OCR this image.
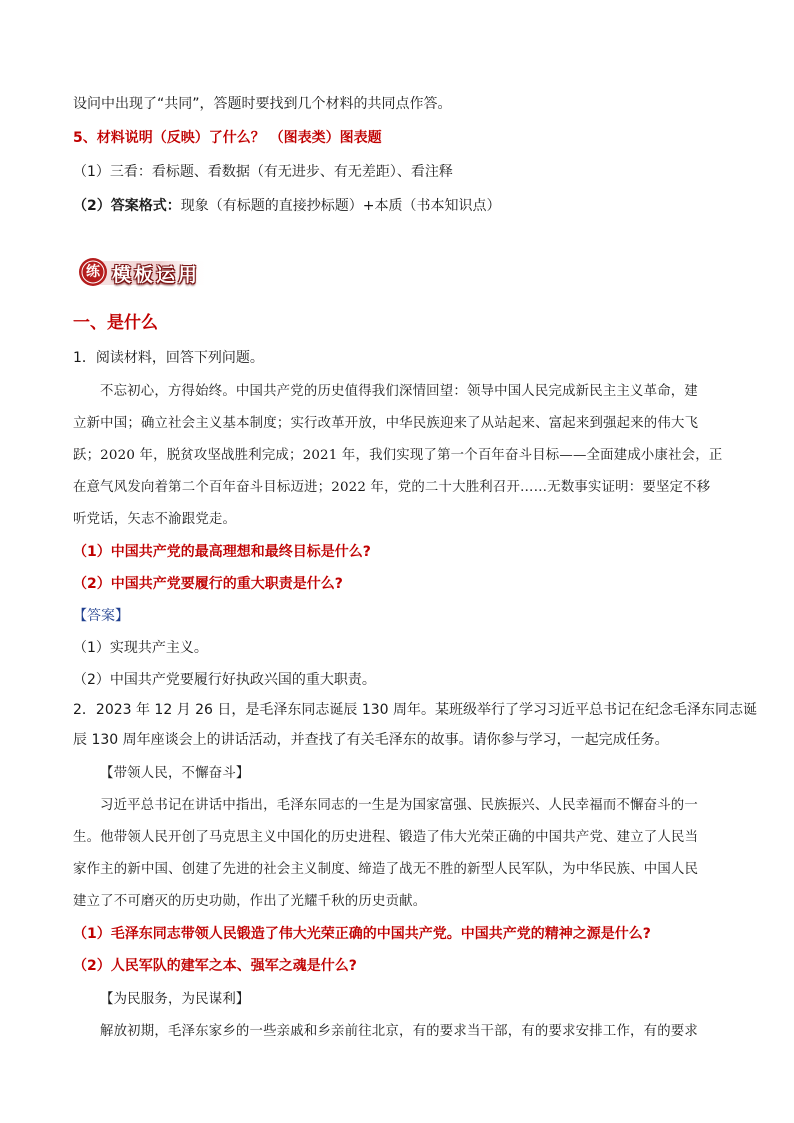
设问中出现了“共同”，答题时要找到几个材料的共同点作答。
5、材料说明（反映）了什么？ （图表类）图表题
（1）三看：看标题、看数据（有无进步、有无差距）、看注释
（2）答案格式：现象（有标题的直接抄标题）+本质（书本知识点）
练 模板运用
一、是什么
1．阅读材料，回答下列问题。
不忘初心，方得始终。中国共产党的历史值得我们深情回望：领导中国人民完成新民主主义革命，建
立新中国；确立社会主义基本制度；实行改革开放，中华民族迎来了从站起来、富起来到强起来的伟大飞
跃；2020 年，脱贫攻坚战胜利完成；2021 年，我们实现了第一个百年奋斗目标——全面建成小康社会，正
在意气风发向着第二个百年奋斗目标迈进；2022 年，党的二十大胜利召开……无数事实证明：要坚定不移
听党话，矢志不渝跟党走。
（1）中国共产党的最高理想和最终目标是什么?
（2）中国共产党要履行的重大职责是什么?
【答案】
（1）实现共产主义。
（2）中国共产党要履行好执政兴国的重大职责。
2．2023 年 12 月 26 日，是毛泽东同志诞辰 130 周年。某班级举行了学习习近平总书记在纪念毛泽东同志诞
辰 130 周年座谈会上的讲话活动，并查找了有关毛泽东的故事。请你参与学习，一起完成任务。
【带领人民，不懈奋斗】
习近平总书记在讲话中指出，毛泽东同志的一生是为国家富强、民族振兴、人民幸福而不懈奋斗的一
生。他带领人民开创了马克思主义中国化的历史进程、锻造了伟大光荣正确的中国共产党、建立了人民当
家作主的新中国、创建了先进的社会主义制度、缔造了战无不胜的新型人民军队，为中华民族、中国人民
建立了不可磨灭的历史功勋，作出了光耀千秋的历史贡献。
（1）毛泽东同志带领人民锻造了伟大光荣正确的中国共产党。中国共产党的精神之源是什么?
（2）人民军队的建军之本、强军之魂是什么?
【为民服务，为民谋利】
解放初期，毛泽东家乡的一些亲戚和乡亲前往北京，有的要求当干部，有的要求安排工作，有的要求
